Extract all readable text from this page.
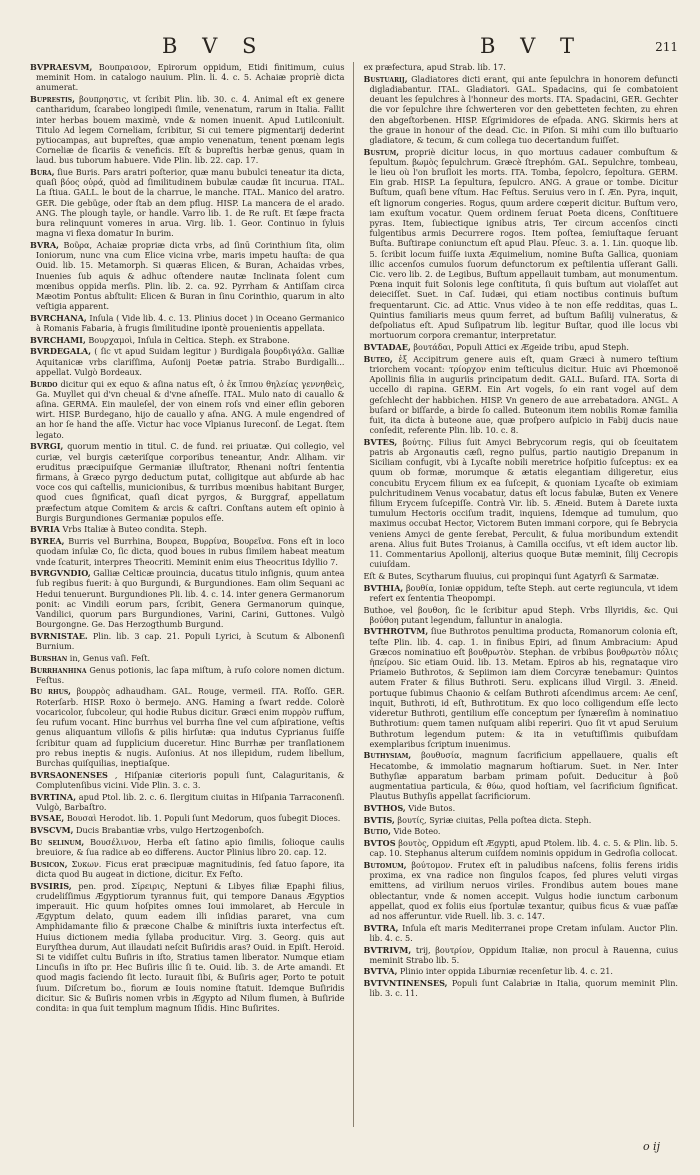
B V S	B V T	211

BVPRAESVM, Βουπραισον, Epirorum oppidum, Etidi finitimum, cuius meminit Hom. in catalogo nauium. Plin. li. 4. c. 5. Achaiæ propriè dicta anumerat.

Bupreſtis, βουπρηστις, vt ſcribit Plin. lib. 30. c. 4. Animal eſt ex genere cantharidum, ſcarabeo longipedi ſimile, venenatum, rarum in Italia. Fallit inter herbas bouem maximè, vnde & nomen inuenit. Apud Lutilconiult. Titulo Ad legem Corneliam, ſcribitur, Si cui temere pigmentarij dederint pytiocampas, aut bupreſtes, quæ ampio venenatum, tenent pœnam legis Corneliæ de ſicariis & veneficis. Eſt & bupreſtis herbæ genus, quam in laud. bus tuborum habuere. Vide Plin. lib. 22. cap. 17.

Bura, ſiue Buris. Pars aratri poſterior, quæ manu bubulci teneatur ita dicta, quaſi βόος οὐρά, quòd ad ſimilitudinem bubulæ caudæ ſit incurua. ITAL. La ſtiua. GALL. le bout de la charrue, le manche. ITAL. Manico del aratro. GER. Die gebüge, oder ſtab an dem pflug. HISP. La mancera de el arado. ANG. The plough tayle, or handle. Varro lib. 1. de Re ruſt. Et ſæpe fracta bura relinquunt vomeres in arua. Virg. lib. 1. Geor. Continuo in ſyluis magna vi flexa domatur In burim.

BVRA, Βοῦρα, Achaiæ propriæ dicta vrbs, ad ſinū Corinthium ſita, olim Ioniorum, nunc vna cum Elice vicina vrbe, maris impetu hauſta: de qua Ouid. lib. 15. Metamorph. Si quæras Elicen, & Buran, Achaidas vrbes, Inuenies ſub aquis & adhuc oſtendere nautæ Inclinata ſolent cum mœnibus oppida merſis. Plin. lib. 2. ca. 92. Pyrrham & Antiſſam circa Mæotim Pontus abſtulit: Elicen & Buran in ſinu Corinthio, quarum in alto veſtigia apparent.

BVRCHANA, Inſula ( Vide lib. 4. c. 13. Plinius docet ) in Oceano Germanico à Romanis Fabaria, à frugis ſimilitudine ipontè prouenientis appellata.

BVRCHAMI, Βουρχαμοὶ, Inſula in Celtica. Steph. ex Strabone.

BVRDEGALA, ( ſic vt apud Suidam legitur ) Burdigala βουρδιγάλα. Galliæ Aquitanicæ vrbs clariſſima, Auſonij Poetæ patria. Strabo Burdigalli... appellat. Vulgò Bordeaux.

Burdo dicitur qui ex equo & aſina natus eſt, ὁ ἐκ ἵππου θηλείας γεννηθεὶς, Ga. Muyllet qui d'vn cheual & d'vne aſneſſe. ITAL. Mulo nato di cauallo & aſina. GERMA. Ein mauleſel, der von einem roſs vnd einer eſlin geboren wirt. HISP. Burdegano, hijo de cauallo y aſna. ANG. A mule engendred of an hor ſe hand the aſſe. Victur hac voce Vlpianus Iureconſ. de Legat. ſtem legato.

BVRGI, quorum mentio in titul. C. de fund. rei priuatæ. Qui collegio, vel curiæ, vel burgis cæteriſque corporibus teneantur, Andr. Aliham. vir eruditus præcipuiſque Germaniæ illuſtrator, Rhenani noſtri ſententia firmans, à Græco pyrgo deductum putat, colligitque aut abſurde ab hac voce cos qui caſtellis, municionibus, & turribus mœnibus habitant Burger, quod cues ſignificat, quaſi dicat pyrgos, & Burggraf, appellatum præfectum atque Comitem & arcis & caſtri. Conſtans autem eſt opinio à Burgis Burgundiones Germaniæ populos eſſe.

BVRIA Vrbs Italiæ à Buteo condita. Steph.

BYREA, Burris vel Burrhina, Βουρεα, Βυρρίνα, Βουρεῖνα. Fons eſt in loco quodam inſulæ Co, ſic dicta, quod boues in rubus ſimilem habeat meatum vnde ſcaturit, interpres Theocriti. Meminit enim eius Theocritus Idyllio 7.

BVRGVNDIO, Galliæ Celticæ prouincia, ducatus titulo inſignis, quum antea ſub regibus fuerit: à quo Burgundi, & Burgundiones. Eam olim Sequani ac Hedui tenuerunt. Burgundiones Pli. lib. 4. c. 14. inter genera Germanorum ponit: ac Vindili eorum pars, ſcribit, Genera Germanorum quinque, Vandilici, quorum pars Burgundiones, Varini, Carini, Guttones. Vulgò Bourgongne. Ge. Das Herzogthumb Burgund.

BVRNISTAE. Plin. lib. 3 cap. 21. Populi Lyrici, à Scutum & Albonenſi Burnium.

Burſhan in, Genus vaſi. Feſt.

Burrhanhina Genus potionis, lac ſapa miſtum, à ruſo colore nomen dictum. Feſtus.

Bu rhus, βουρρὸς adhaudham. GAL. Rouge, vermeil. ITA. Roſſo. GER. Roterſarb. HISP. Roxo ò bermejo. ANG. Haming a ſwart redde. Colorè vocaricolor, ſubcoleur, qui hodie Rubus dicitur. Græci enim πυρρὸν ruffum, ſeu rufum vocant. Hinc burrhus vel burrha ſine vel cum aſpiratione, veſtis genus aliquantum villoſis & pilis hirſutæ: qua indutus Cyprianus ſuiſſe ſcribitur quam ad ſupplicium duceretur. Hinc Burrhæ per tranſlationem pro rebus ineptis & nugis. Auſonius. At nos illepidum, rudem libellum, Burchas quiſquilias, ineptiaſque.

BVRSAONENSES , Hiſpaniæ citerioris populi ſunt, Calaguritanis, & Complutenſibus vicini. Vide Plin. 3. c. 3.

BVRTINA, apud Ptol. lib. 2. c. 6. Ilergitum ciuitas in Hiſpania Tarraconenſi. Vulgò, Barbaſtro.

BVSAE, Βουσαὶ Herodot. lib. 1. Populi ſunt Medorum, quos ſubegit Dioces.

BVSCVM, Ducis Brabantiæ vrbs, vulgo Hertzogenboſch.

Bu ſelinum, Βουσέλινον, Herba eſt ſatino apio ſimilis, ſolioque caulis breuiore, & ſua radice ab eo differens. Auctor Plinius libro 20. cap. 12.

Buſicon, Συκων. Ficus erat præcipuæ magnitudinis, ſed ſatuo ſapore, ita dicta quod Bu augeat in dictione, dicitur. Ex Feſto.

BVSIRIS, pen. prod. Σίρειρις, Neptuni & Libyes filiæ Epaphi filius, crudeliſſimus Ægyptiorum tyrannus fuit, qui tempore Danaus Ægyptios imperauit. Hic quum hoſpites omnes Ioui immolaret, ab Hercule in Ægyptum delato, quum eadem illi inſidias pararet, vna cum Amphidamante filio & præcone Chalbe & miniſtris iuxta interfectus eſt. Huius dictionem media ſyllaba producitur. Virg. 3. Georg. quis aut Euryſthea durum, Aut illaudati neſcit Buſiridis aras? Ouid. in Epiſt. Heroid. Si te vidiſſet cultu Buſiris in iſto, Stratius tamen liberator. Numque etiam Lincuſis in iſto pr. Hec Buſiris illic ſi te. Ouid. lib. 3. de Arte amandi. Et quod magis faciendo ſit lecto. Iurauit ſibi, & Buſiris ager, Porto te potuit ſuum. Diſcretum bo., fiorum æ Iouis nomine ſtatuit. Idemque Buſiridis dicitur. Sic & Buſiris nomen vrbis in Ægypto ad Nilum flumen, à Buſiride condita: in qua ſuit templum magnum Iſidis. Hinc Buſirites.

ex præfectura, apud Strab. lib. 17.

Buſtuarij, Gladiatores dicti erant, qui ante ſepulchra in honorem defuncti digladiabantur. ITAL. Gladiatori. GAL. Spadacins, qui ſe combatoient deuant les ſepulchres à l'honneur des morts. ITA. Spadacini, GER. Gechter die vor ſepulchre ihre ſchwerteren vor den gebetteten fechten, zu ehren den abgeſtorbenen. HISP. Eſgrimidores de eſpada. ANG. Skirmis hers at the graue in honour of the dead. Cic. in Piſon. Si mihi cum illo buſtuario gladiatore, & tecum, & cum collega tuo decertandum fuiſſet.

Buſtum, propriè dicitur locus, in quo mortuus cadauer combuſtum & ſepultum. βωμὸς ſepulchrum. Græcè ſtrephóm. GAL. Sepulchre, tombeau, le lieu où l'on bruſloit les morts. ITA. Tomba, ſepolcro, ſepoltura. GERM. Ein grab. HISP. La ſepultura, ſepulcro. ANG. A graue or tombe. Dicitur Buſtum, quaſi bene vſtum. Hac Feſtus. Seruius vero in ſ. Æn. Pyra, inquit, eſt lignorum congeries. Rogus, quum ardere cœperit dicitur. Buſtum vero, iam exuſtum vocatur. Quem ordinem ſeruat Poeta dicens, Conſtituere pyras. Item, ſubiectique ignibus atris, Ter circum accenſos cincti fulgentibus armis Decurrere rogos. Item poſtea, ſemiuſtaque ſeruant Buſta. Buſtirape coniunctum eſt apud Plau. Pſeuc. 3. a. 1. Lin. quoque lib. 5. ſcribit locum fuiſſe iuxta Æquimelium, nomine Buſta Gallica, quoniam illic accenſos cumulos ſuorum defunctorum ex peſtilentia uſſerant Galli. Cic. vero lib. 2. de Legibus, Buſtum appellauit tumbam, aut monumentum. Pœna inquit fuit Solonis lege conſtituta, ſi quis buſtum aut violaſſet aut deieciſſet. Suet. in Caſ. Iudæi, qui etiam noctibus continuis buſtum frequentarunt. Cic. ad Attic. Vnus video à te non eſſe redditas, quas L. Quintius familiaris meus quum ferret, ad buſtum Baſilij vulneratus, & deſpoliatus eſt. Apud Suſipatrum lib. legitur Buſtar, quod ille locus vbi mortuorum corpora cremantur, interpretatur.

BVTADAE, βουτάδαι, Populi Attici ex Ægeide tribu, apud Steph.

Buteo, ἐξ Accipitrum genere auis eſt, quam Græci à numero teſtium triorchem vocant: τρίορχον enim teſticulus dicitur. Huic avi Phœmonoë Apollinis filia in auguriis principatum dedit. GALL. Buſard. ITA. Sorta di uccello di rapina. GERM. Ein Art vogels, ſo ein rant vogel auſ dem geſchlecht der habbichen. HISP. Vn genero de aue arrebatadora. ANGL. A buſard or biſſarde, a birde ſo called. Buteonum item nobilis Romæ familia fuit, ita dicta à buteone aue, quæ proſpero auſpicio in Fabij ducis naue conſedit, referente Plin. lib. 10. c. 8.

BVTES, βούτης. Filius ſuit Amyci Bebrycorum regis, qui ob ſceuitatem patris ab Argonautis cæſi, regno pulſus, partio nautigio Drepanum in Siciliam confugit, vbi à Lycaſte nobili meretrice hoſpitio ſuſceptus: ex ea quum ob formæ, morumque & ætatis elegantiam diligeretur, eius concubitu Erycem filium ex ea ſuſcepit, & quoniam Lycaſte ob eximiam pulchritudinem Venus vocabatur, datus eſt locus fabulæ, Buten ex Venere filium Erycem ſuſcepiſſe. Contrà Vir. lib. 5. Æneid. Butem à Darete iuxta tumulum Hectoris occiſum tradit, inquiens, Idemque ad tumulum, quo maximus occubat Hector, Victorem Buten immani corpore, qui ſe Bebrycia veniens Amyci de gente ſerebat, Perculit, & fulua moribundum extendit arena. Alius fuit Butes Troianus, à Camilla occiſus, vt eſt idem auctor lib. 11. Commentarius Apollonij, alterius quoque Butæ meminit, ſilij Cecropis cuiuſdam.

Eſt & Butes, Scytharum fluuius, cui propinqui ſunt Agatyrſi & Sarmatæ.

BVTHIA, βουθία, Ioniæ oppidum, teſte Steph. aut certe regiuncula, vt idem refert ex ſententia Theopompi.

Buthoe, vel βουθοη, ſic le ſcribitur apud Steph. Vrbs Illyridis, &c. Qui βούθοη putant legendum, falluntur in analogia.

BVTHROTVM, ſiue Buthrotos penultima producta, Romanorum colonia eſt, teſte Plin. lib. 4. cap. 1. in finibus Epiri, ad ſinum Ambracium: Apud Græcos nominatiuo eſt βουθρωτὸν. Stephan. de vrbibus βουθρωτὸν πόλις ἠπείρου. Sic etiam Ouid. lib. 13. Metam. Epiros ab his, regnataque viro Priameio Buthrotos, & Sepiimon iam diem Corcyræ tenebamur: Quintos autem Frater & filius Buthroti. Seru. explicans illud Virgil. 3. Æneid. portuque ſubimus Chaonio & celſam Buthroti aſcendimus arcem: Ae cenſ, inquit, Buthroti, id eſt, Buthrotitum. Ex quo loco colligendum eſſe lecto videretur Buthroti, gentilium eſſe conceptum per ſynæreſim à nominatiuo Buthrotium: quem tamen nuſquam alibi reperiri. Quo ſit vt apud Seruium Buthrotum legendum putem: & ita in vetuſtiſſimis quibuſdam exemplaribus ſcriptum inuenimus.

Buthyſiam, βουθυσία, magnum ſacrificium appellauere, qualis eſt Hecatombe, & immolatio magnarum hoſtiarum. Suet. in Ner. Inter Buthyſiæ apparatum barbam primam poſuit. Deducitur à βοῦ augmentatiua particula, & θύω, quod hoſtiam, vel ſacrificium ſignificat. Plautus Buthyſis appellat ſacrificiorum.

BVTHOS, Vide Butos.

BVTIS, βουτίς, Syriæ ciuitas, Pella poſtea dicta. Steph.

Butio, Vide Boteo.

BVTOS βουτὸς, Oppidum eſt Ægypti, apud Ptolem. lib. 4. c. 5. & Plin. lib. 5. cap. 10. Stephanus alterum cuiſdem nominis oppidum in Gedroſia collocat.

Butomum, βούτομον. Frutex eſt in paludibus naſcens, foliis ferens iridis proxima, ex vna radice non ſingulos ſcapos, ſed plures veluti virgas emittens, ad virilium neruos viriles. Frondibus autem boues mane oblectantur, vnde & nomen accepit. Vulgus hodie iunctum carbonum appellat, quod ex foliis eius ſportulæ texantur, quibus ficus & vuæ paſſæ ad nos afferuntur. vide Ruell. lib. 3. c. 147.

BVTRA, Inſula eſt maris Mediterranei prope Cretam inſulam. Auctor Plin. lib. 4. c. 5.

BVTRIVM, trij, βουτρίον, Oppidum Italiæ, non procul à Rauenna, cuius meminit Strabo lib. 5.

BVTVA, Plinio inter oppida Liburniæ recenſetur lib. 4. c. 21.

BVTVNTINENSES, Populi ſunt Calabriæ in Italia, quorum meminit Plin. lib. 3. c. 11.

o ij
